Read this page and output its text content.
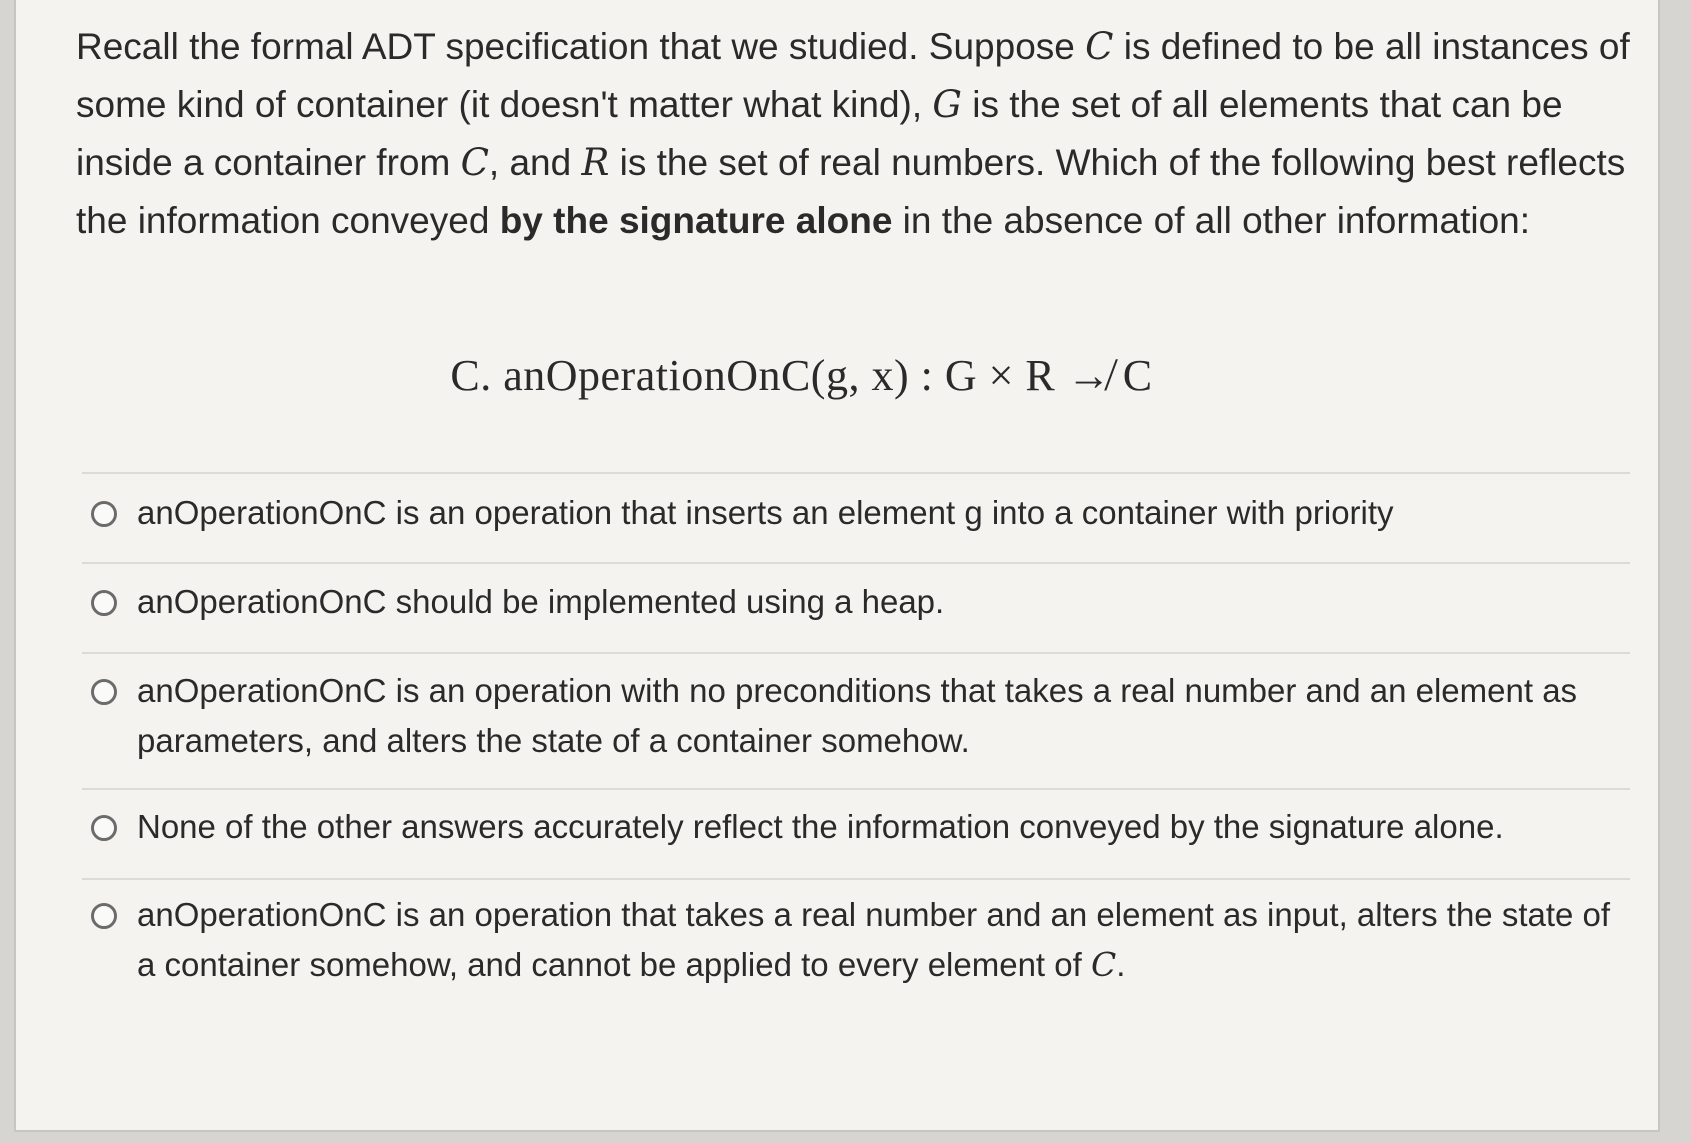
Recall the formal ADT specification that we studied. Suppose C is defined to be all instances of some kind of container (it doesn't matter what kind), G is the set of all elements that can be inside a container from C, and R is the set of real numbers. Which of the following best reflects the information conveyed by the signature alone in the absence of all other information:
C. anOperationOnC(g, x) : G × R ↛ C
anOperationOnC is an operation that inserts an element g into a container with priority
anOperationOnC should be implemented using a heap.
anOperationOnC is an operation with no preconditions that takes a real number and an element as parameters, and alters the state of a container somehow.
None of the other answers accurately reflect the information conveyed by the signature alone.
anOperationOnC is an operation that takes a real number and an element as input, alters the state of a container somehow, and cannot be applied to every element of C.
